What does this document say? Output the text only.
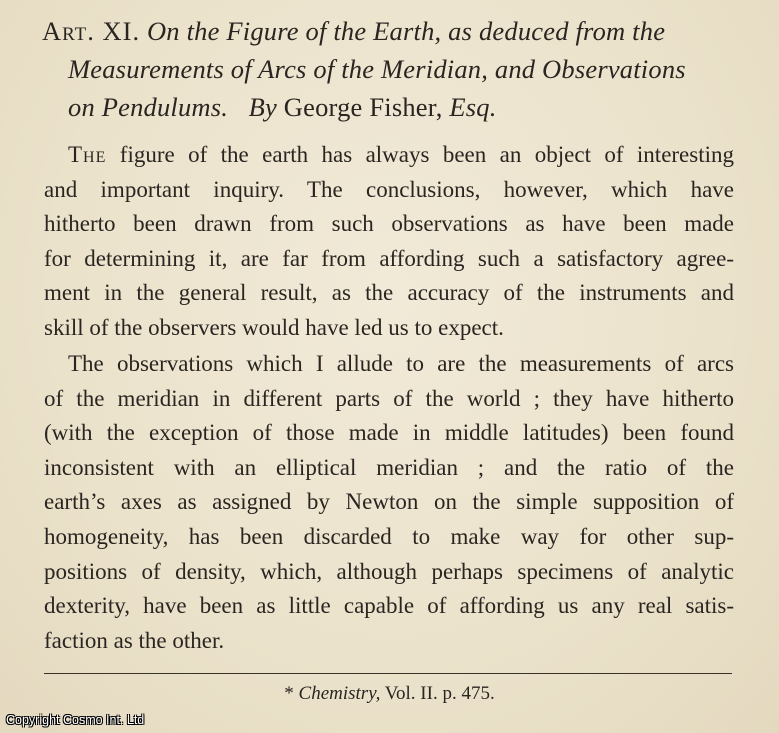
Art. XI. On the Figure of the Earth, as deduced from the
Measurements of Arcs of the Meridian, and Observations
on Pendulums. By George Fisher, Esq.
The figure of the earth has always been an object of interesting
and important inquiry. The conclusions, however, which have
hitherto been drawn from such observations as have been made
for determining it, are far from affording such a satisfactory agree-
ment in the general result, as the accuracy of the instruments and
skill of the observers would have led us to expect.
The observations which I allude to are the measurements of arcs
of the meridian in different parts of the world ; they have hitherto
(with the exception of those made in middle latitudes) been found
inconsistent with an elliptical meridian ; and the ratio of the
earth’s axes as assigned by Newton on the simple supposition of
homogeneity, has been discarded to make way for other sup-
positions of density, which, although perhaps specimens of analytic
dexterity, have been as little capable of affording us any real satis-
faction as the other.
* Chemistry, Vol. II. p. 475.
Copyright Cosmo Int. Ltd
